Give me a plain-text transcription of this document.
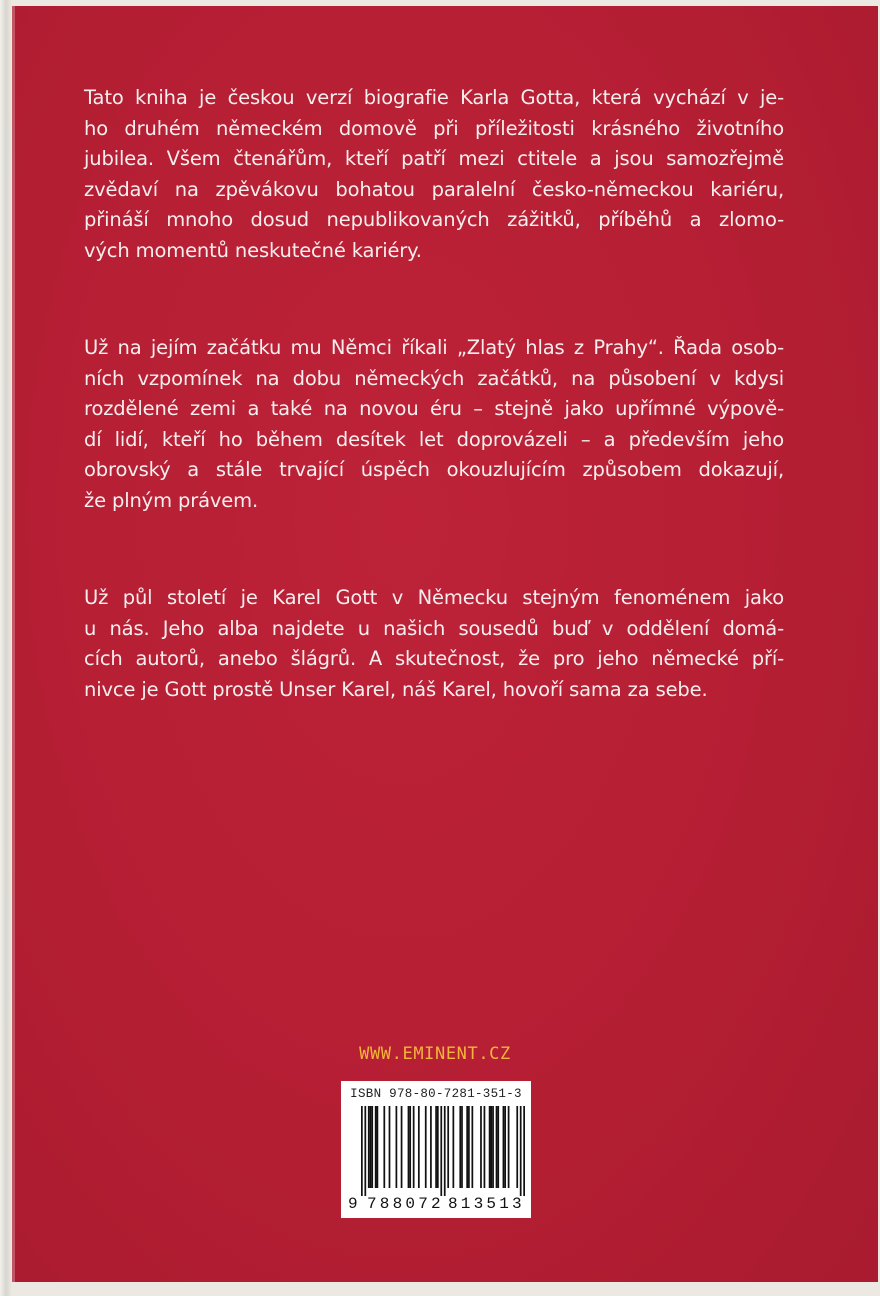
Tato kniha je českou verzí biografie Karla Gotta, která vychází v je-
ho druhém německém domově při příležitosti krásného životního
jubilea. Všem čtenářům, kteří patří mezi ctitele a jsou samozřejmě
zvědaví na zpěvákovu bohatou paralelní česko-německou kariéru,
přináší mnoho dosud nepublikovaných zážitků, příběhů a zlomo-
vých momentů neskutečné kariéry.
Už na jejím začátku mu Němci říkali „Zlatý hlas z Prahy“. Řada osob-
ních vzpomínek na dobu německých začátků, na působení v kdysi
rozdělené zemi a také na novou éru – stejně jako upřímné výpově-
dí lidí, kteří ho během desítek let doprovázeli – a především jeho
obrovský a stále trvající úspěch okouzlujícím způsobem dokazují,
že plným právem.
Už půl století je Karel Gott v Německu stejným fenoménem jako
u nás. Jeho alba najdete u našich sousedů buď v oddělení domá-
cích autorů, anebo šlágrů. A skutečnost, že pro jeho německé pří-
nivce je Gott prostě Unser Karel, náš Karel, hovoří sama za sebe.
WWW.EMINENT.CZ
ISBN 978-80-7281-351-3
9 788072 813513
